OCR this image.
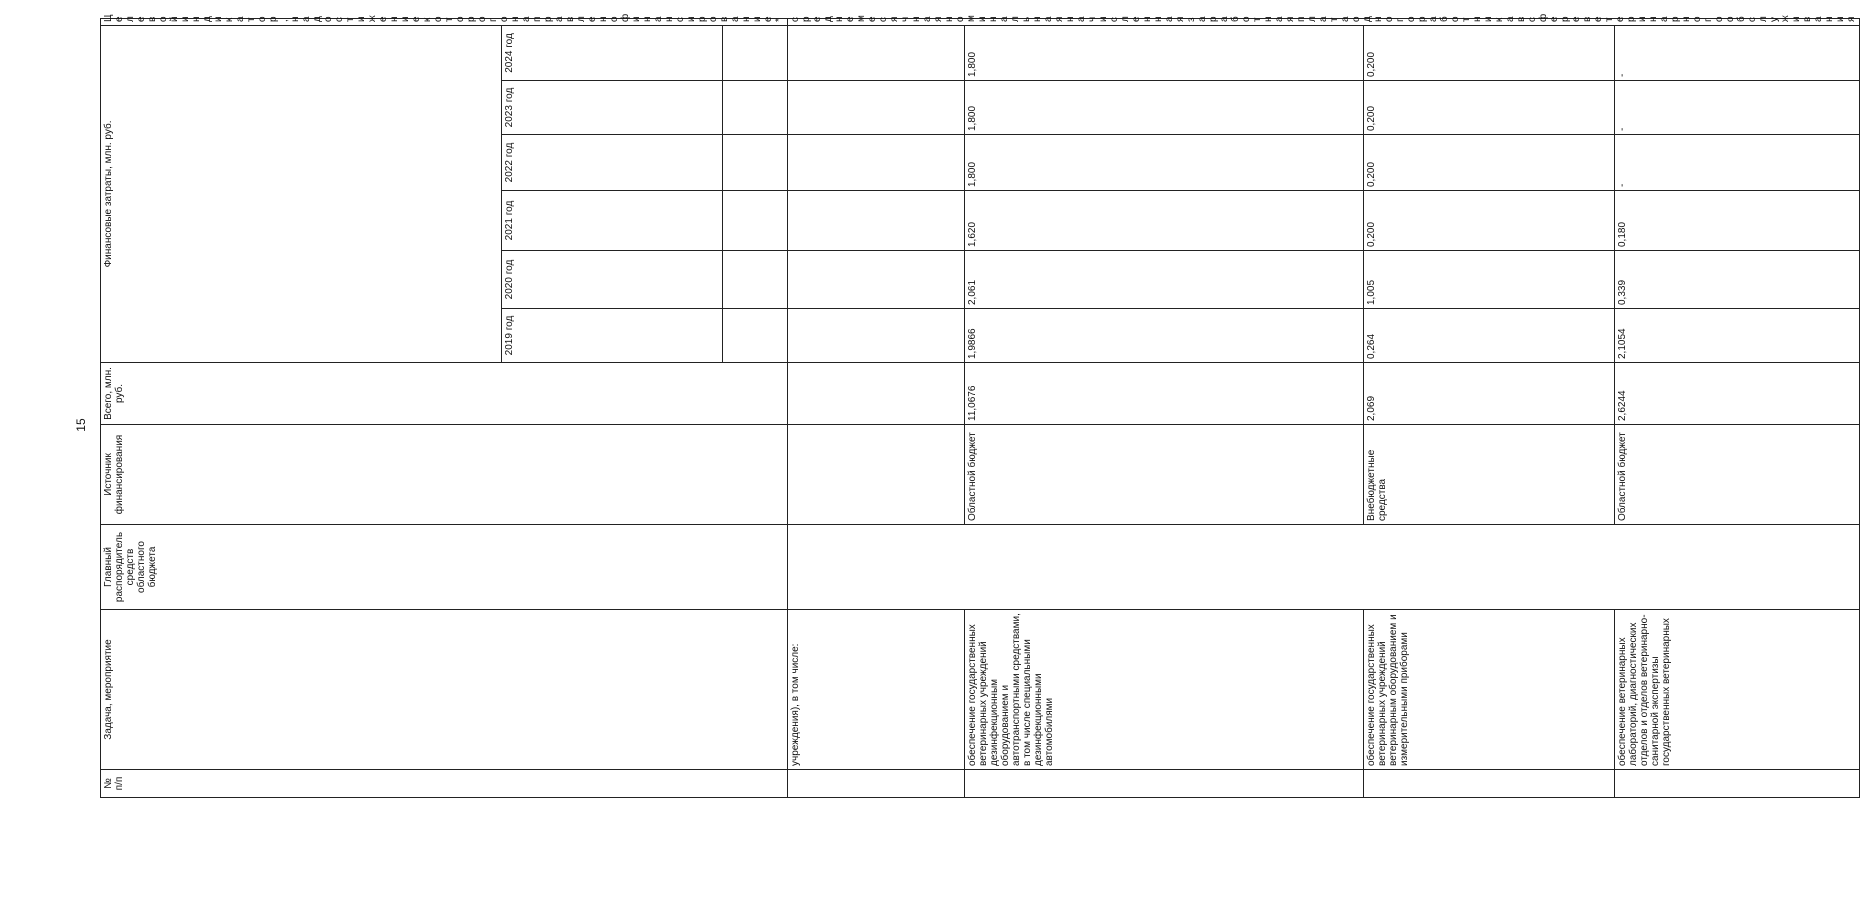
15
№ п/п	Задача, мероприятие	Главный распорядитель средств областного бюджета	Источник финансирования	Всего, млн. руб.	Финансовые затраты, млн. руб.						Целевой индикатор, на достижение которого направлено финансирование*
					2019 год	2020 год	2021 год	2022 год	2023 год	2024 год	

	учреждения), в том числе:										среднемесячная номинальная начисленная заработная плата одного работника в сфере ветеринарного обслуживания
	обеспечение государственных ветеринарных учреждений дезинфекционным оборудованием и автотранспортными средствами, в том числе специальными дезинфекционными автомобилями		Областной бюджет	11,0676	1,9866	2,061	1,620	1,800	1,800	1,800	
	обеспечение государственных ветеринарных учреждений ветеринарным оборудованием и измерительными приборами		Внебюджетные средства	2,069	0,264	1,005	0,200	0,200	0,200	0,200	
	обеспечение ветеринарных лабораторий, диагностических отделов и отделов ветеринарно-санитарной экспертизы государственных ветеринарных		Областной бюджет	2,6244	2,1054	0,339	0,180	-	-	-	
